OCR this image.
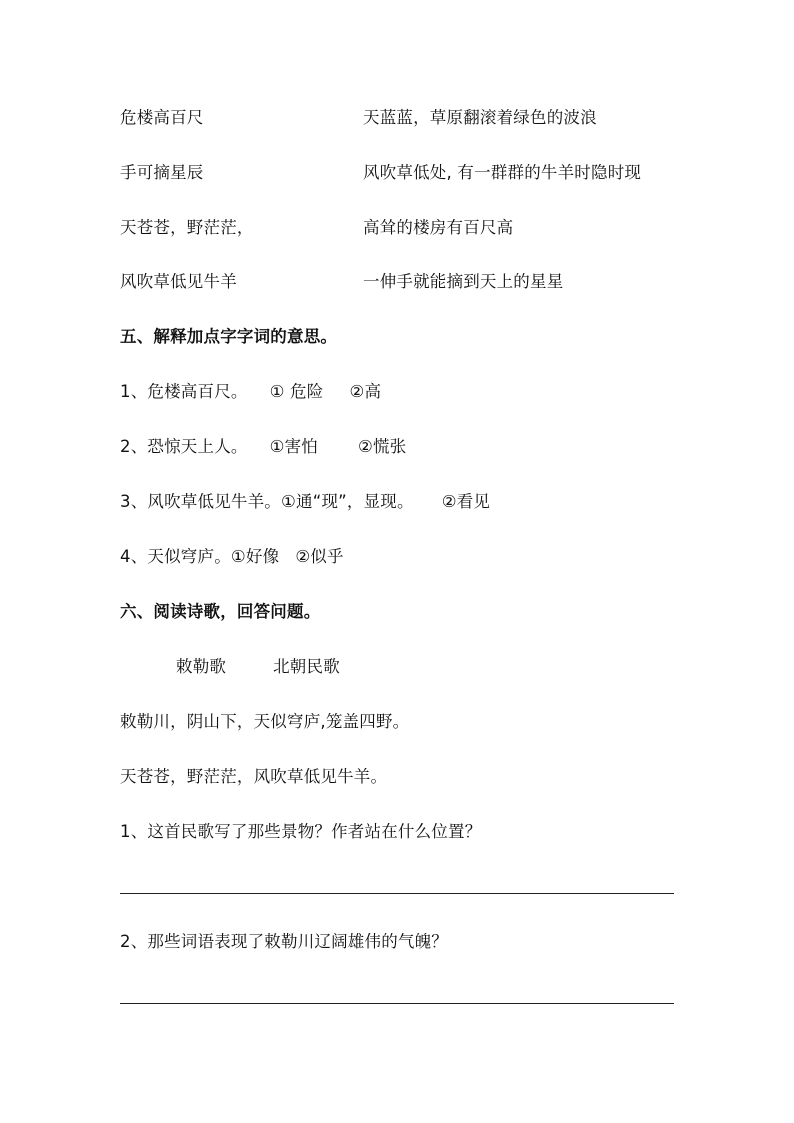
危楼高百尺	天蓝蓝，草原翻滚着绿色的波浪
手可摘星辰	风吹草低处, 有一群群的牛羊时隐时现
天苍苍，野茫茫，	高耸的楼房有百尺高
风吹草低见牛羊	一伸手就能摘到天上的星星
五、解释加点字字词的意思。
1、危楼高百尺。 ① 危险 ②高
2、恐惊天上人。 ①害怕 ②慌张
3、风吹草低见牛羊。①通“现”，显现。 ②看见
4、天似穹庐。①好像 ②似乎
六、阅读诗歌，回答问题。
敕勒歌	北朝民歌
敕勒川，阴山下，天似穹庐,笼盖四野。
天苍苍，野茫茫，风吹草低见牛羊。
1、这首民歌写了那些景物？作者站在什么位置？
2、那些词语表现了敕勒川辽阔雄伟的气魄？
